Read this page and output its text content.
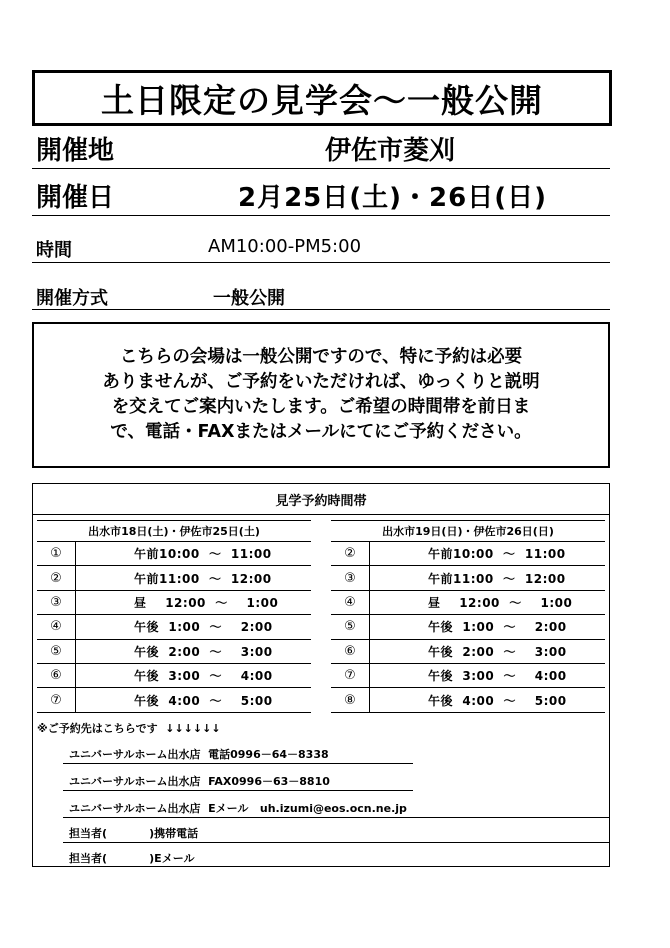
土日限定の見学会～一般公開
開催地	伊佐市菱刈
開催日	2月25日(土)・26日(日)
時間	AM10:00-PM5:00
開催方式	一般公開
こちらの会場は一般公開ですので、特に予約は必要
ありませんが、ご予約をいただければ、ゆっくりと説明
を交えてご案内いたします。ご希望の時間帯を前日ま
で、電話・FAXまたはメールにてにご予約ください。
見学予約時間帯
出水市18日(土)・伊佐市25日(土)
①	午前10:00  ～  11:00
②	午前11:00  ～  12:00
③	昼    12:00  ～    1:00
④	午後  1:00  ～    2:00
⑤	午後  2:00  ～    3:00
⑥	午後  3:00  ～    4:00
⑦	午後  4:00  ～    5:00
出水市19日(日)・伊佐市26日(日)
②	午前10:00  ～  11:00
③	午前11:00  ～  12:00
④	昼    12:00  ～    1:00
⑤	午後  1:00  ～    2:00
⑥	午後  2:00  ～    3:00
⑦	午後  3:00  ～    4:00
⑧	午後  4:00  ～    5:00
※ご予約先はこちらです  ↓↓↓↓↓↓
ユニバーサルホーム出水店  電話0996－64－8338
ユニバーサルホーム出水店  FAX0996－63－8810
ユニバーサルホーム出水店  Eメール   uh.izumi@eos.ocn.ne.jp
担当者(           )携帯電話
担当者(           )Eメール
